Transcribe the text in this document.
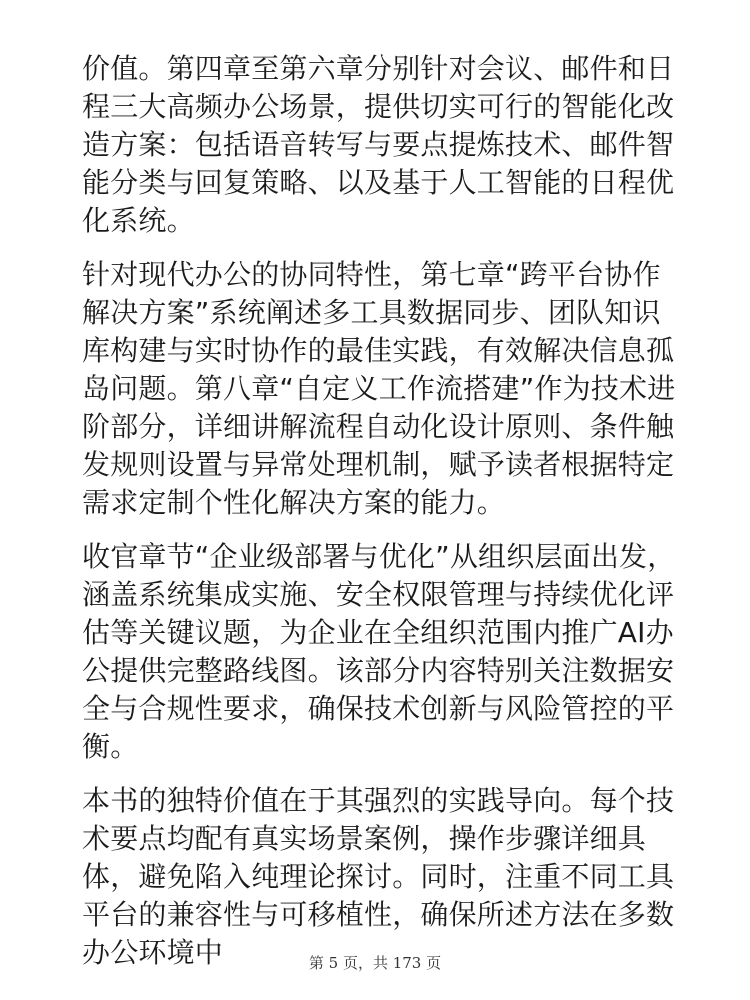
价值。第四章至第六章分别针对会议、邮件和日程三大高频办公场景，提供切实可行的智能化改造方案：包括语音转写与要点提炼技术、邮件智能分类与回复策略、以及基于人工智能的日程优化系统。

针对现代办公的协同特性，第七章“跨平台协作解决方案”系统阐述多工具数据同步、团队知识库构建与实时协作的最佳实践，有效解决信息孤岛问题。第八章“自定义工作流搭建”作为技术进阶部分，详细讲解流程自动化设计原则、条件触发规则设置与异常处理机制，赋予读者根据特定需求定制个性化解决方案的能力。

收官章节“企业级部署与优化”从组织层面出发，涵盖系统集成实施、安全权限管理与持续优化评估等关键议题，为企业在全组织范围内推广AI办公提供完整路线图。该部分内容特别关注数据安全与合规性要求，确保技术创新与风险管控的平衡。

本书的独特价值在于其强烈的实践导向。每个技术要点均配有真实场景案例，操作步骤详细具体，避免陷入纯理论探讨。同时，注重不同工具平台的兼容性与可移植性，确保所述方法在多数办公环境中	第 5 页，共 173 页
